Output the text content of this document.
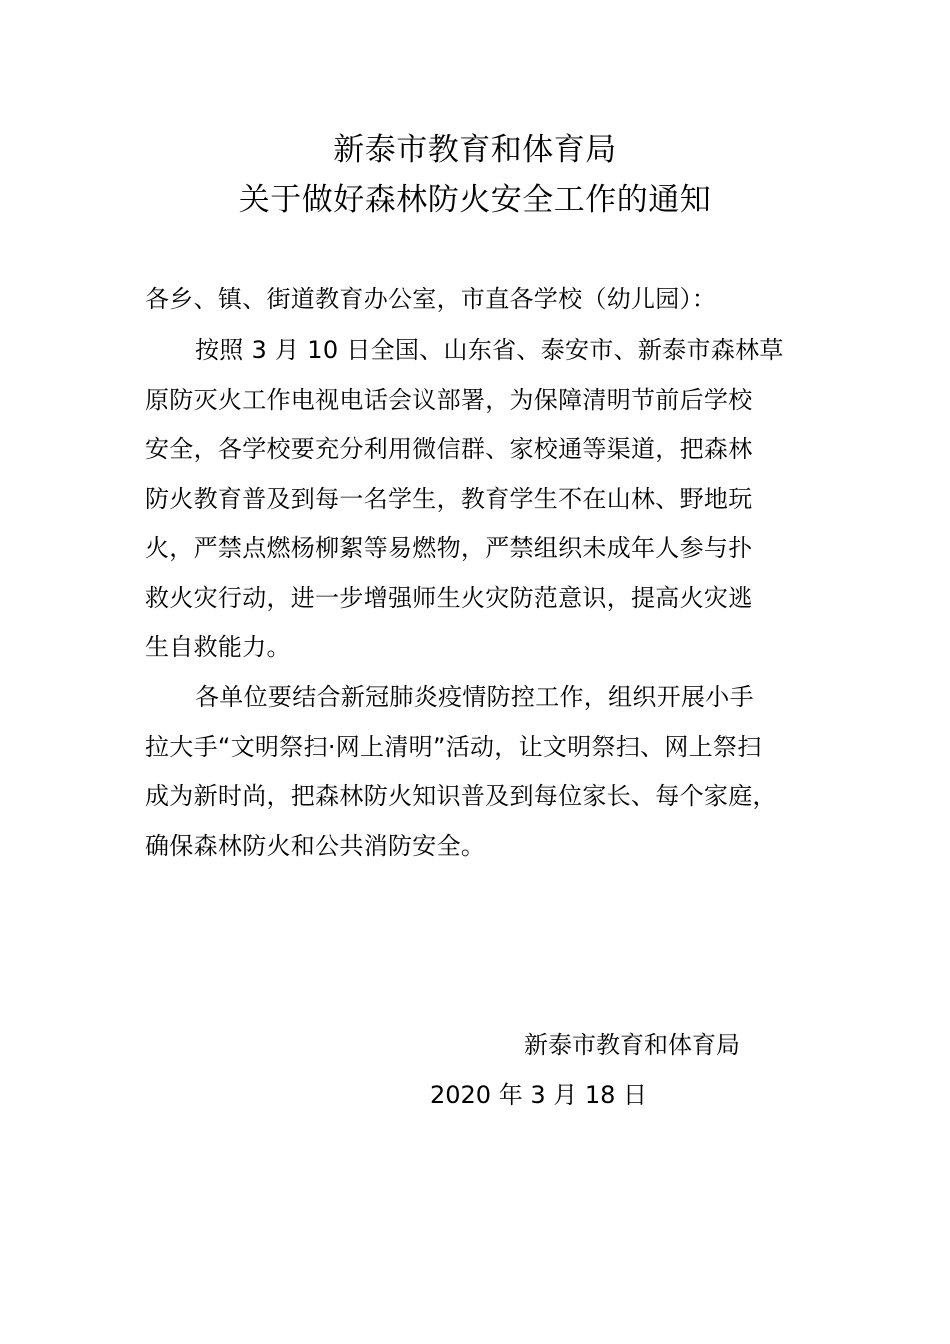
新泰市教育和体育局
关于做好森林防火安全工作的通知
各乡、镇、街道教育办公室，市直各学校（幼儿园）：
按照 3 月 10 日全国、山东省、泰安市、新泰市森林草
原防灭火工作电视电话会议部署，为保障清明节前后学校
安全，各学校要充分利用微信群、家校通等渠道，把森林
防火教育普及到每一名学生，教育学生不在山林、野地玩
火，严禁点燃杨柳絮等易燃物，严禁组织未成年人参与扑
救火灾行动，进一步增强师生火灾防范意识，提高火灾逃
生自救能力。
各单位要结合新冠肺炎疫情防控工作，组织开展小手
拉大手“文明祭扫·网上清明”活动，让文明祭扫、网上祭扫
成为新时尚，把森林防火知识普及到每位家长、每个家庭，
确保森林防火和公共消防安全。
新泰市教育和体育局
2020 年 3 月 18 日
